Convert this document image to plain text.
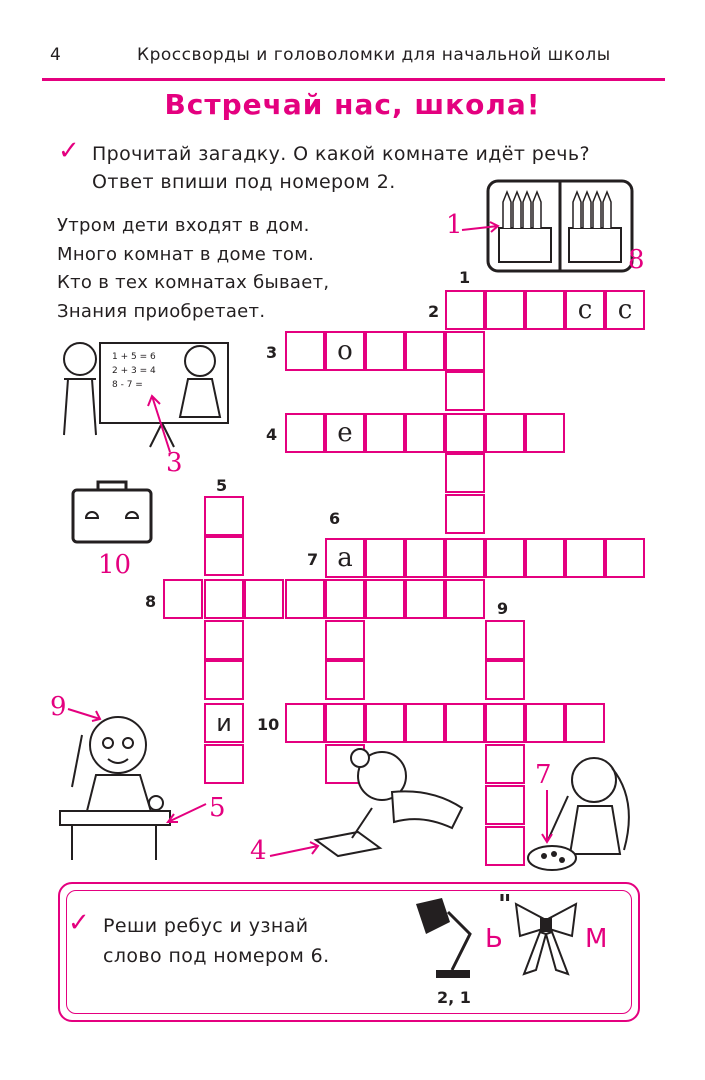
4	Кроссворды и головоломки для начальной школы
Встречай нас, школа!
✓ Прочитай загадку. О какой комнате идёт речь?
Ответ впиши под номером 2.
Утром дети входят в дом.
Много комнат в доме том.
Кто в тех комнатах бывает,
Знания приобретает.	с с
о
е
а
и
1
2
3
4
5
6
7
8	9
10
1
8
1 + 5 = 6
2 + 3 = 4
8 - 7 =
3
10
9
5
4
7
✓ Реши ребус и узнай
слово под номером 6.
2, 1
Ь
"
М
